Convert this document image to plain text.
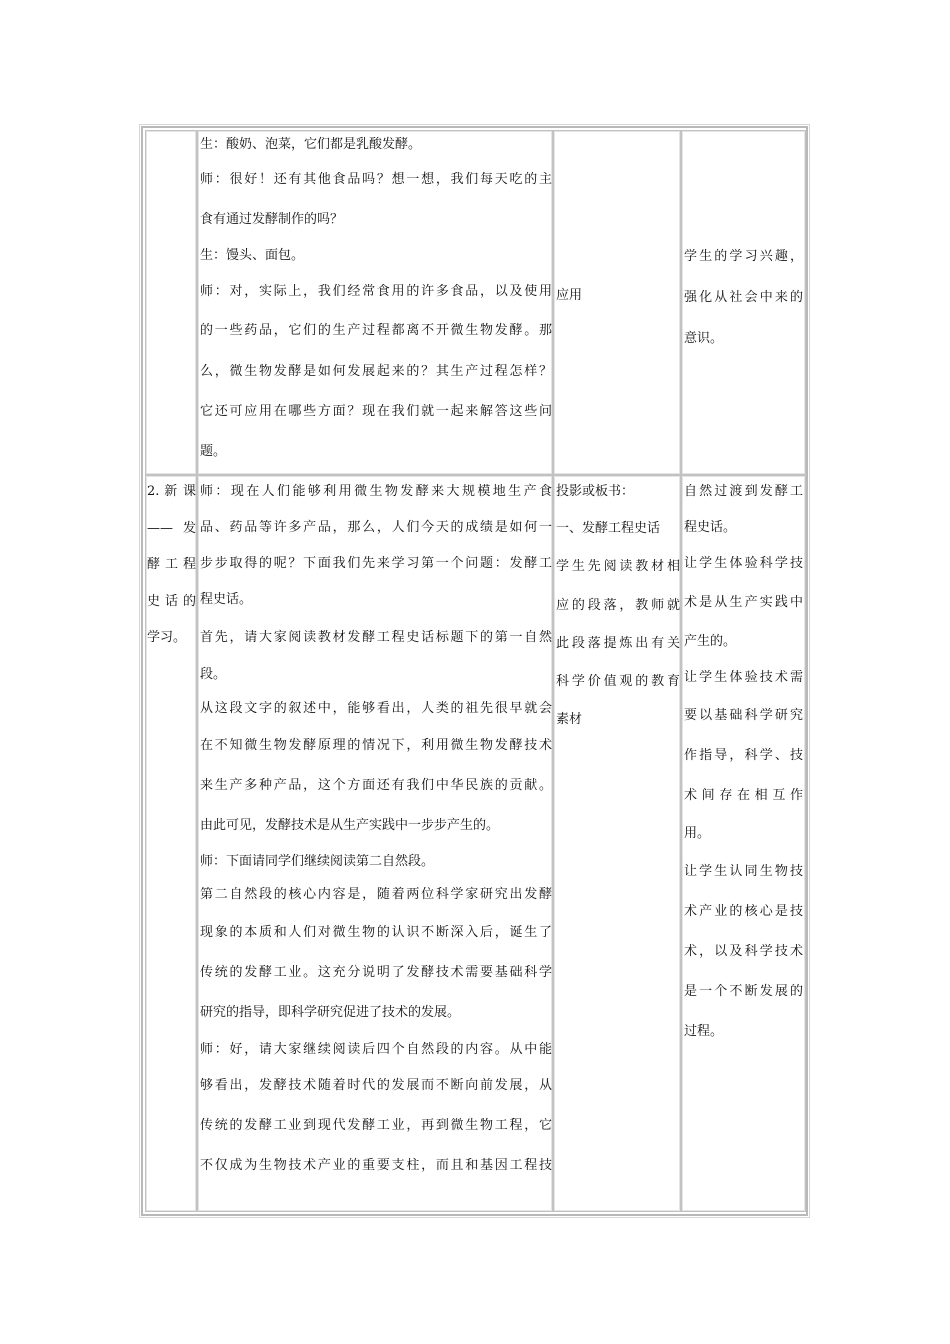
生：酸奶、泡菜，它们都是乳酸发酵。

师：很好！还有其他食品吗？想一想，我们每天吃的主

食有通过发酵制作的吗？

生：馒头、面包。

师：对，实际上，我们经常食用的许多食品，以及使用

的一些药品，它们的生产过程都离不开微生物发酵。那

么，微生物发酵是如何发展起来的？其生产过程怎样？

它还可应用在哪些方面？现在我们就一起来解答这些问

题。

应用

学生的学习兴趣，

强化从社会中来的

意识。

2. 新 课

—— 发

酵 工 程

史 话 的

学习。

师：现在人们能够利用微生物发酵来大规模地生产食

品、药品等许多产品，那么，人们今天的成绩是如何一

步步取得的呢？下面我们先来学习第一个问题：发酵工

程史话。

首先，请大家阅读教材发酵工程史话标题下的第一自然

段。

从这段文字的叙述中，能够看出，人类的祖先很早就会

在不知微生物发酵原理的情况下，利用微生物发酵技术

来生产多种产品，这个方面还有我们中华民族的贡献。

由此可见，发酵技术是从生产实践中一步步产生的。

师：下面请同学们继续阅读第二自然段。

第二自然段的核心内容是，随着两位科学家研究出发酵

现象的本质和人们对微生物的认识不断深入后，诞生了

传统的发酵工业。这充分说明了发酵技术需要基础科学

研究的指导，即科学研究促进了技术的发展。

师：好，请大家继续阅读后四个自然段的内容。从中能

够看出，发酵技术随着时代的发展而不断向前发展，从

传统的发酵工业到现代发酵工业，再到微生物工程，它

不仅成为生物技术产业的重要支柱，而且和基因工程技

投影或板书：

一、发酵工程史话

学生先阅读教材相

应的段落，教师就

此段落提炼出有关

科学价值观的教育

素材

自然过渡到发酵工

程史话。

让学生体验科学技

术是从生产实践中

产生的。

让学生体验技术需

要以基础科学研究

作指导，科学、技

术 间 存 在 相 互 作

用。

让学生认同生物技

术产业的核心是技

术，以及科学技术

是一个不断发展的

过程。
